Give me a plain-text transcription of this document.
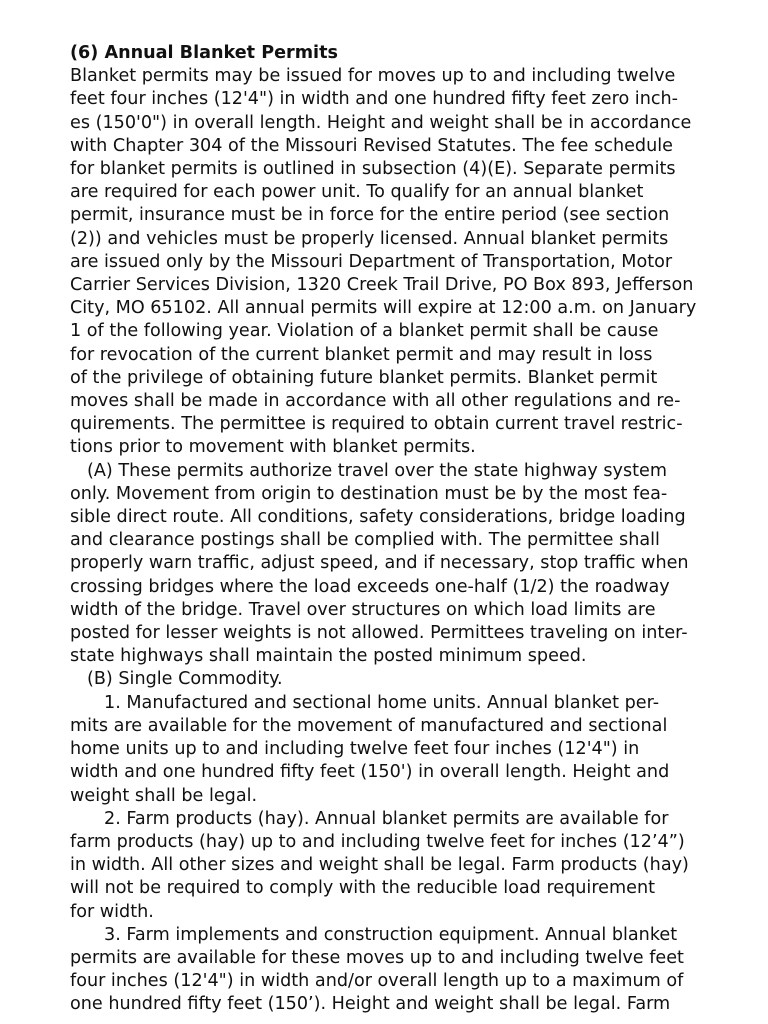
(6) Annual Blanket Permits
Blanket permits may be issued for moves up to and including twelve
feet four inches (12'4") in width and one hundred fifty feet zero inch-
es (150'0") in overall length. Height and weight shall be in accordance
with Chapter 304 of the Missouri Revised Statutes. The fee schedule
for blanket permits is outlined in subsection (4)(E). Separate permits
are required for each power unit. To qualify for an annual blanket
permit, insurance must be in force for the entire period (see section
(2)) and vehicles must be properly licensed. Annual blanket permits
are issued only by the Missouri Department of Transportation, Motor
Carrier Services Division, 1320 Creek Trail Drive, PO Box 893, Jefferson
City, MO 65102. All annual permits will expire at 12:00 a.m. on January
1 of the following year. Violation of a blanket permit shall be cause
for revocation of the current blanket permit and may result in loss
of the privilege of obtaining future blanket permits. Blanket permit
moves shall be made in accordance with all other regulations and re-
quirements. The permittee is required to obtain current travel restric-
tions prior to movement with blanket permits.
(A) These permits authorize travel over the state highway system
only. Movement from origin to destination must be by the most fea-
sible direct route. All conditions, safety considerations, bridge loading
and clearance postings shall be complied with. The permittee shall
properly warn traffic, adjust speed, and if necessary, stop traffic when
crossing bridges where the load exceeds one-half (1/2) the roadway
width of the bridge. Travel over structures on which load limits are
posted for lesser weights is not allowed. Permittees traveling on inter-
state highways shall maintain the posted minimum speed.
(B) Single Commodity.
1. Manufactured and sectional home units. Annual blanket per-
mits are available for the movement of manufactured and sectional
home units up to and including twelve feet four inches (12'4") in
width and one hundred fifty feet (150') in overall length. Height and
weight shall be legal.
2. Farm products (hay). Annual blanket permits are available for
farm products (hay) up to and including twelve feet for inches (12’4”)
in width. All other sizes and weight shall be legal. Farm products (hay)
will not be required to comply with the reducible load requirement
for width.
3. Farm implements and construction equipment. Annual blanket
permits are available for these moves up to and including twelve feet
four inches (12'4") in width and/or overall length up to a maximum of
one hundred fifty feet (150’). Height and weight shall be legal. Farm
